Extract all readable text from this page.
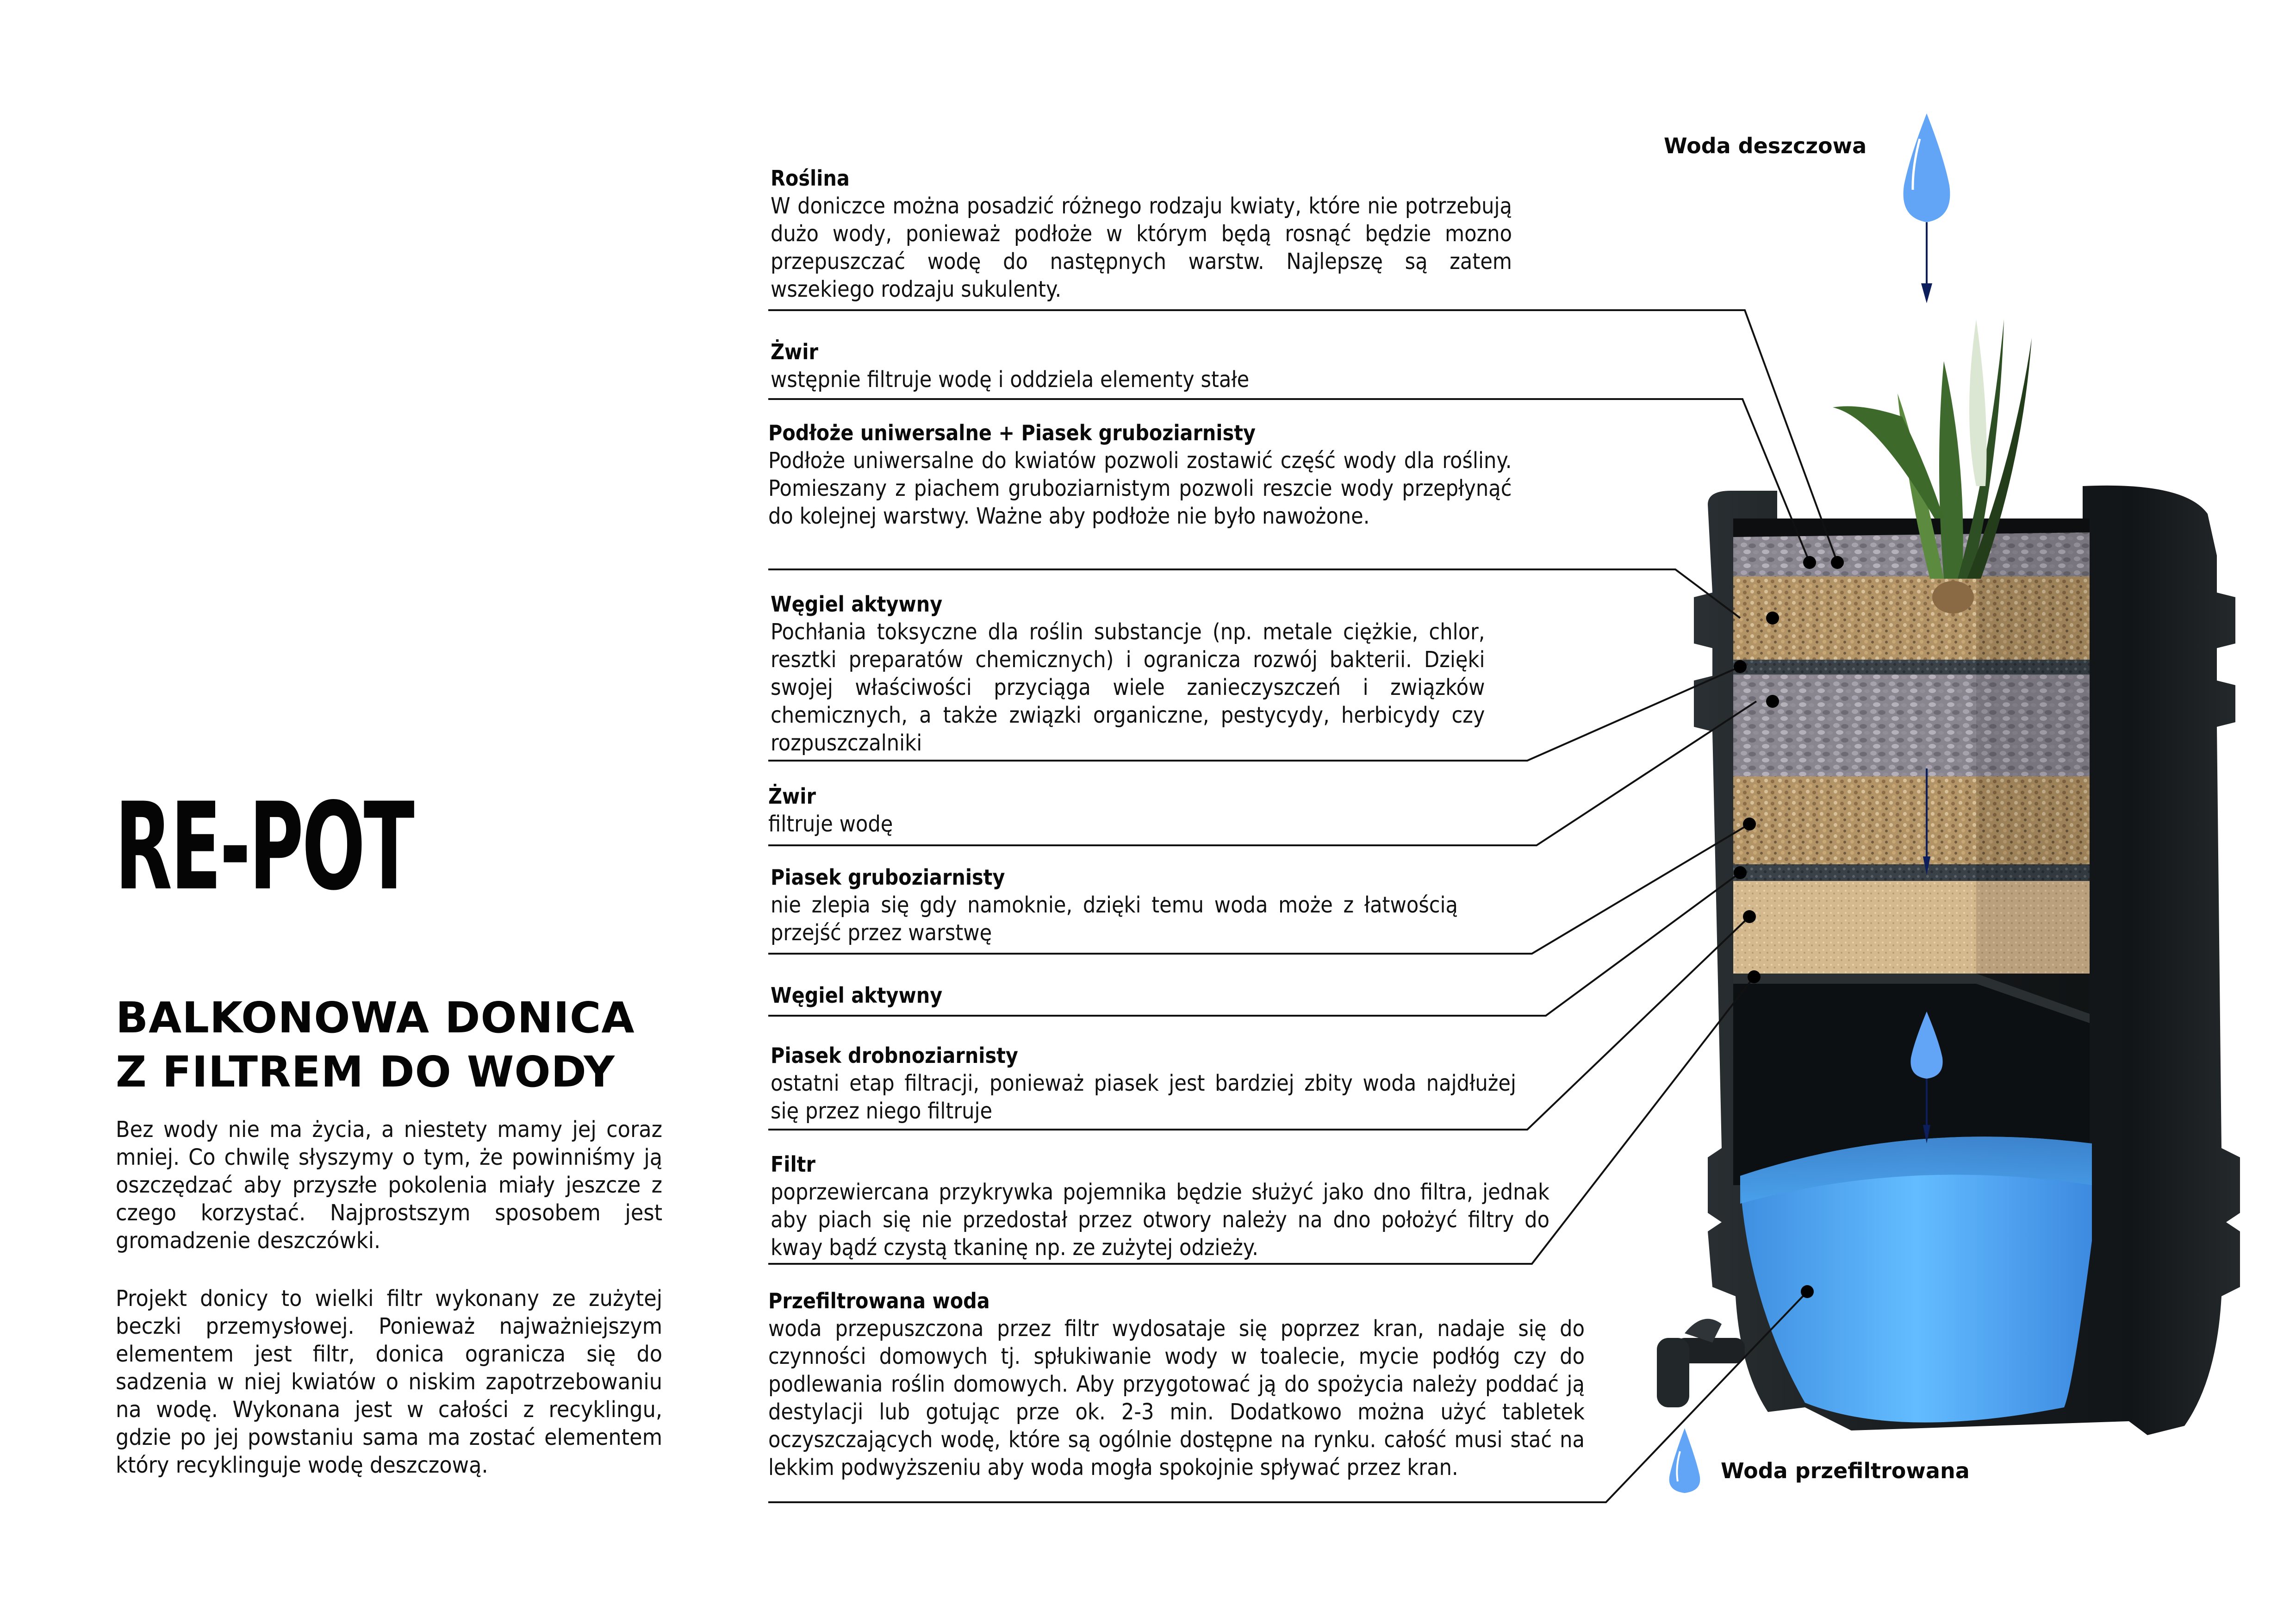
RE-POT
BALKONOWA DONICA
Z FILTREM DO WODY

Bez wody nie ma życia, a niestety mamy jej coraz mniej. Co chwilę słyszymy o tym, że powinniśmy ją oszczędzać aby przyszłe pokolenia miały jeszcze z czego korzystać. Najprostszym sposobem jest gromadzenie deszczówki.

Projekt donicy to wielki filtr wykonany ze zużytej beczki przemysłowej. Ponieważ najważniejszym elementem jest filtr, donica ogranicza się do sadzenia w niej kwiatów o niskim zapotrzebowaniu na wodę. Wykonana jest w całości z recyklingu, gdzie po jej powstaniu sama ma zostać elementem który recyklinguje wodę deszczową.

Woda deszczowa
Woda przefiltrowana
Roślina

W doniczce można posadzić różnego rodzaju kwiaty, które nie potrzebują dużo wody, ponieważ podłoże w którym będą rosnąć będzie mozno przepuszczać wodę do następnych warstw. Najlepszę są zatem wszekiego rodzaju sukulenty.

Żwir

wstępnie filtruje wodę i oddziela elementy stałe

Podłoże uniwersalne + Piasek gruboziarnisty

Podłoże uniwersalne do kwiatów pozwoli zostawić część wody dla rośliny. Pomieszany z piachem gruboziarnistym pozwoli reszcie wody przepłynąć do kolejnej warstwy. Ważne aby podłoże nie było nawożone.

Węgiel aktywny

Pochłania toksyczne dla roślin substancje (np. metale ciężkie, chlor, resztki preparatów chemicznych) i ogranicza rozwój bakterii. Dzięki swojej właściwości przyciąga wiele zanieczyszczeń i związków chemicznych, a także związki organiczne, pestycydy, herbicydy czy rozpuszczalniki

Żwir

filtruje wodę

Piasek gruboziarnisty

nie zlepia się gdy namoknie, dzięki temu woda może z łatwością przejść przez warstwę

Węgiel aktywny

Piasek drobnoziarnisty

ostatni etap filtracji, ponieważ piasek jest bardziej zbity woda najdłużej się przez niego filtruje

Filtr

poprzewiercana przykrywka pojemnika będzie służyć jako dno filtra, jednak aby piach się nie przedostał przez otwory należy na dno położyć filtry do kway bądź czystą tkaninę np. ze zużytej odzieży.

Przefiltrowana woda

woda przepuszczona przez filtr wydosataje się poprzez kran, nadaje się do czynności domowych tj. spłukiwanie wody w toalecie, mycie podłóg czy do podlewania roślin domowych. Aby przygotować ją do spożycia należy poddać ją destylacji lub gotując prze ok. 2-3 min. Dodatkowo można użyć tabletek oczyszczających wodę, które są ogólnie dostępne na rynku. całość musi stać na lekkim podwyższeniu aby woda mogła spokojnie spływać przez kran.
